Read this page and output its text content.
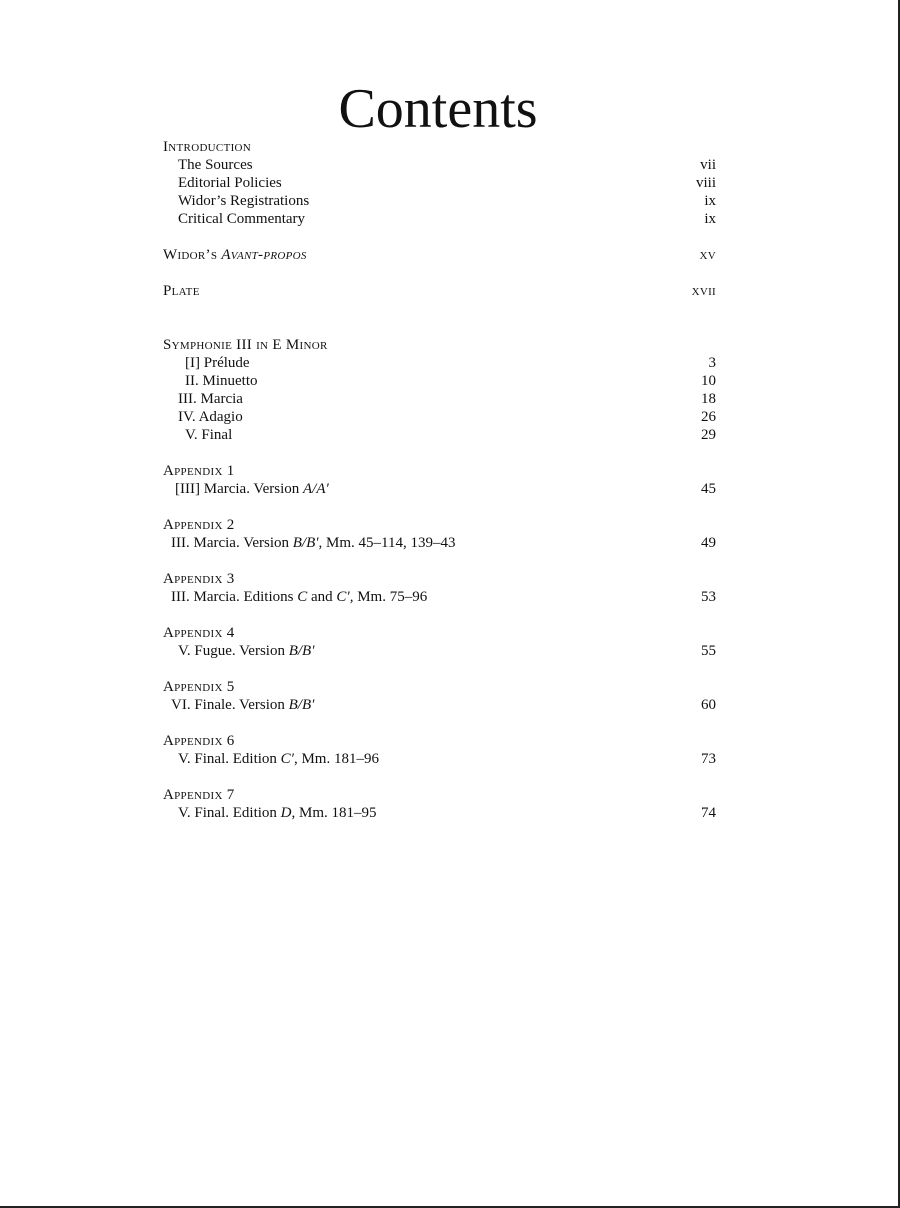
Contents
Introduction
The Sources	vii
Editorial Policies	viii
Widor’s Registrations	ix
Critical Commentary	ix
Widor’s Avant-propos	xv
Plate	xvii
Symphonie III in E Minor
[I] Prélude	3
II. Minuetto	10
III. Marcia	18
IV. Adagio	26
V. Final	29
Appendix 1
[III] Marcia. Version A/A′	45
Appendix 2
III. Marcia. Version B/B′, Mm. 45–114, 139–43	49
Appendix 3
III. Marcia. Editions C and C′, Mm. 75–96	53
Appendix 4
V. Fugue. Version B/B′	55
Appendix 5
VI. Finale. Version B/B′	60
Appendix 6
V. Final. Edition C′, Mm. 181–96	73
Appendix 7
V. Final. Edition D, Mm. 181–95	74
